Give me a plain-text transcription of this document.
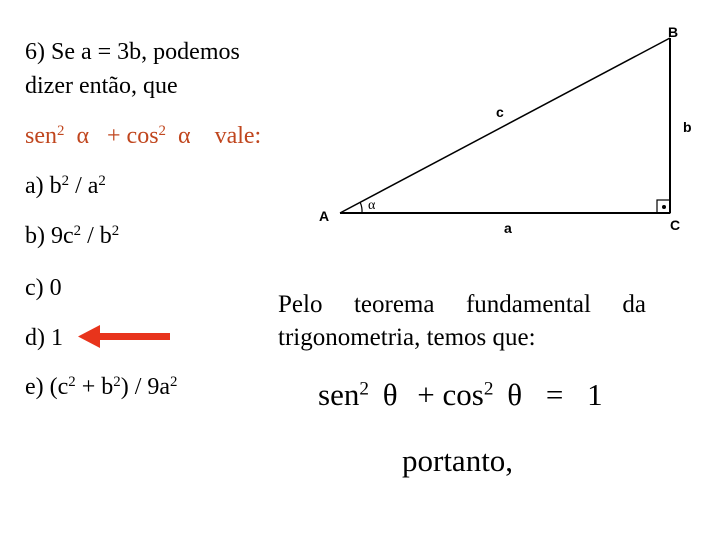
6) Se a = 3b, podemos
dizer então, que
sen$^2$ $\alpha + \cos^2 \alpha$ vale:
a) $b^2 / a^2$
b) $9c^2 / b^2$
c) 0
d) 1
e) $(c^2 + b^2) / 9a^2$
A
B
C
a
b
c
α
Pelo teorema fundamental da
trigonometria, temos que:
sen$^2$ $\theta + \cos^2 \theta = 1$
portanto,
